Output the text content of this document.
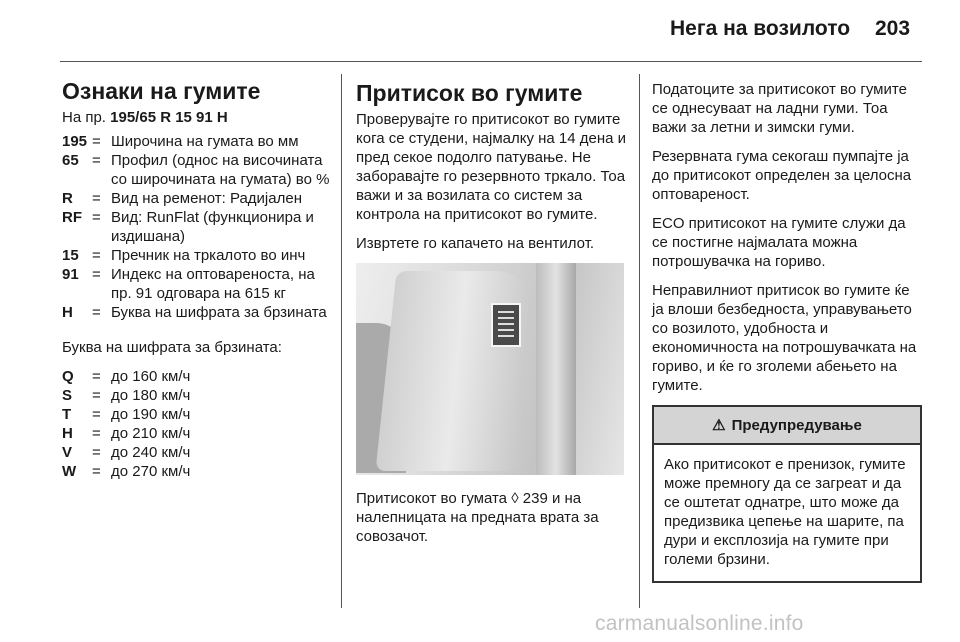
Нега на возилото 203
Ознаки на гумите
На пр. 195/65 R 15 91 H
195 = Широчина на гумата во мм
65 = Профил (однос на височината со широчината на гумата) во %
R	= Вид на ременот: Радијален
RF = Вид: RunFlat (функционира и издишана)
15 = Пречник на тркалото во инч
91 = Индекс на оптовареноста, на пр. 91 одговара на 615 кг
H	= Буква на шифрата за брзината

Буква на шифрата за брзината:

Q	= до 160 км/ч
S	= до 180 км/ч
T	= до 190 км/ч
H	= до 210 км/ч
V	= до 240 км/ч
W	= до 270 км/ч
Притисок во гумите

Проверувајте го притисокот во гумите кога се студени, најмалку на 14 дена и пред секое подолго патување. Не заборавајте го резервното тркало. Тоа важи и за возилата со систем за контрола на притисокот во гумите.

Извртете го капачето на вентилот.

Притисокот во гумата ◊ 239 и на налепницата на предната врата за совозачот.

Податоците за притисокот во гумите се однесуваат на ладни гуми. Тоа важи за летни и зимски гуми.

Резервната гума секогаш пумпајте ја до притисокот определен за целосна оптовареност.

ECO притисокот на гумите служи да се постигне најмалата можна потрошувачка на гориво.

Неправилниот притисок во гумите ќе ја влоши безбедноста, управувањето со возилото, удобноста и економичноста на потрошувачката на гориво, и ќе го зголеми абењето на гумите.

⚠ Предупредување
Ако притисокот е пренизок, гумите може премногу да се загреат и да се оштетат однатре, што може да предизвика цепење на шарите, па дури и експлозија на гумите при големи брзини.
carmanualsonline.info
